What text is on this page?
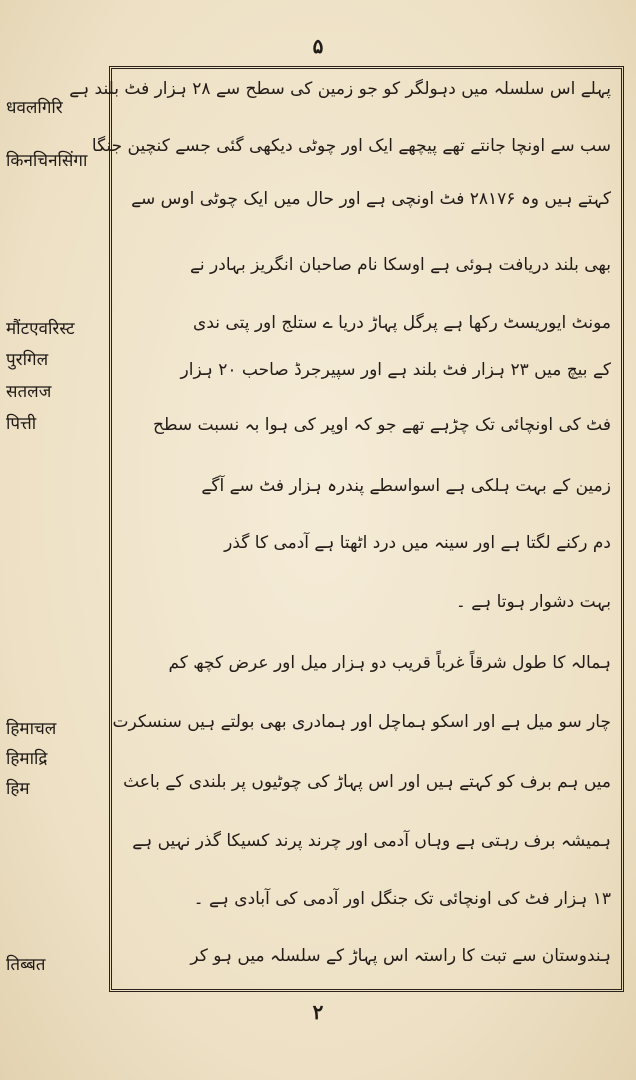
۵
धवलगिरि
किनचिनसिंगा
मौंटएवरिस्ट
पुरगिल
सतलज
पित्ती
हिमाचल
हिमाद्रि
हिम
तिब्बत
پہلے اس سلسلہ میں دہولگر کو جو زمین کی سطح سے ۲۸ ہزار فٹ بلند ہے
سب سے اونچا جانتے تھے پیچھے ایک اور چوٹی دیکھی گئی جسے کنچین جنگا
کہتے ہیں وہ ۲۸۱۷۶ فٹ اونچی ہے اور حال میں ایک چوٹی اوس سے
بھی بلند دریافت ہوئی ہے اوسکا نام صاحبان انگریز بہادر نے
مونٹ ایوریسٹ رکھا ہے پرگل پہاڑ دریا ے ستلج اور پتی ندی
کے بیچ میں ۲۳ ہزار فٹ بلند ہے اور سپیرجرڈ صاحب ۲۰ ہزار
فٹ کی اونچائی تک چڑہے تھے جو کہ اوپر کی ہوا بہ نسبت سطح
زمین کے بہت ہلکی ہے اسواسطے پندرہ ہزار فٹ سے آگے
دم رکنے لگتا ہے اور سینہ میں درد اٹھتا ہے آدمی کا گذر
بہت دشوار ہوتا ہے ۔
ہمالہ کا طول شرقاً غرباً قریب دو ہزار میل اور عرض کچھ کم
چار سو میل ہے اور اسکو ہماچل اور ہمادری بھی بولتے ہیں سنسکرت
میں ہم برف کو کہتے ہیں اور اس پہاڑ کی چوٹیوں پر بلندی کے باعث
ہمیشہ برف رہتی ہے وہاں آدمی اور چرند پرند کسیکا گذر نہیں ہے
۱۳ ہزار فٹ کی اونچائی تک جنگل اور آدمی کی آبادی ہے ۔
ہندوستان سے تبت کا راستہ اس پہاڑ کے سلسلہ میں ہو کر
۲
